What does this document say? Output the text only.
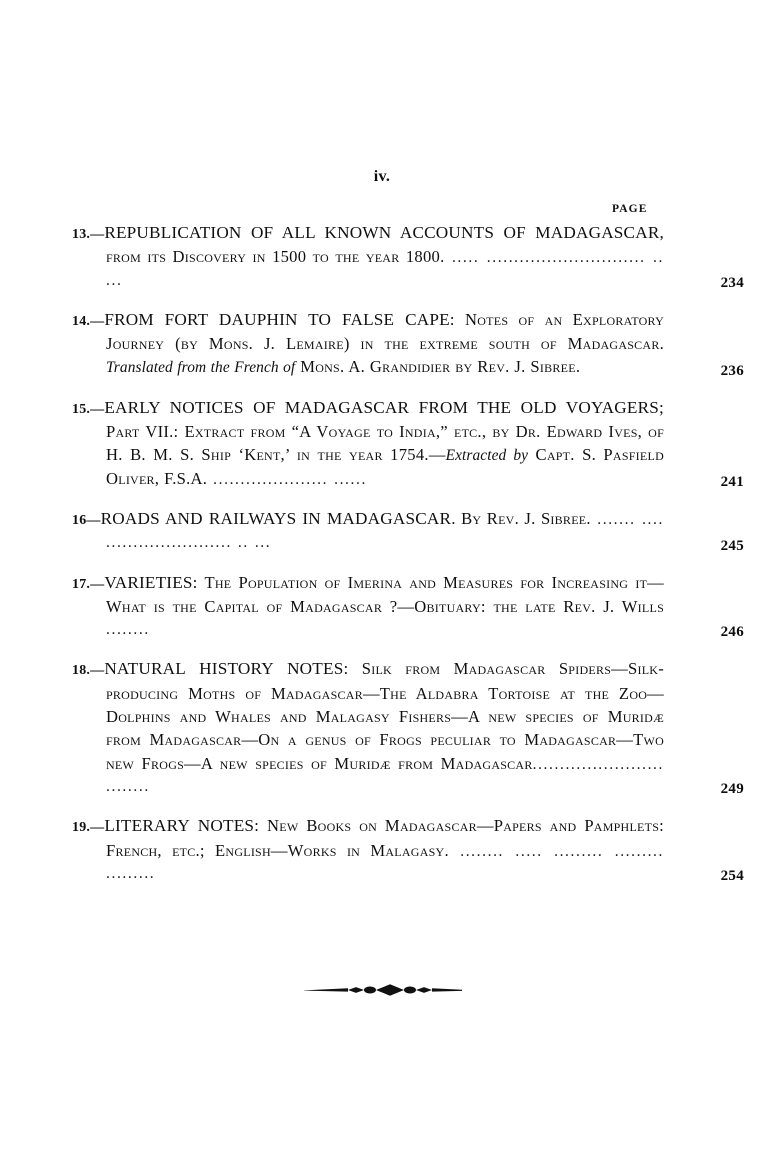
iv.
PAGE
13.—REPUBLICATION OF ALL KNOWN ACCOUNTS OF MADAGASCAR, from its Discovery in 1500 to the year 1800. ..... ............................. .. ...	234
14.—FROM FORT DAUPHIN TO FALSE CAPE: Notes of an Exploratory Journey (by Mons. J. Lemaire) in the extreme south of Madagascar. Translated from the French of Mons. A. Grandidier by Rev. J. Sibree.	236
15.—EARLY NOTICES OF MADAGASCAR FROM THE OLD VOYAGERS; Part VII.: Extract from “A Voyage to India,” etc., by Dr. Edward Ives, of H. B. M. S. Ship ‘Kent,’ in the year 1754.—Extracted by Capt. S. Pasfield Oliver, F.S.A. ..................... ......	241
16—ROADS AND RAILWAYS IN MADAGASCAR. By Rev. J. Sibree. ....... .... ....................... .. ...	245
17.—VARIETIES: The Population of Imerina and Measures for Increasing it—What is the Capital of Madagascar ?—Obituary: the late Rev. J. Wills ........	246
18.—NATURAL HISTORY NOTES: Silk from Madagascar Spiders—Silk-producing Moths of Madagascar—The Aldabra Tortoise at the Zoo—Dolphins and Whales and Malagasy Fishers—A new species of Muridæ from Madagascar—On a genus of Frogs peculiar to Madagascar—Two new Frogs—A new species of Muridæ from Madagascar........................ ........	249
19.—LITERARY NOTES: New Books on Madagascar—Papers and Pamphlets: French, etc.; English—Works in Malagasy. ........ ..... ......... ......... .........	254
